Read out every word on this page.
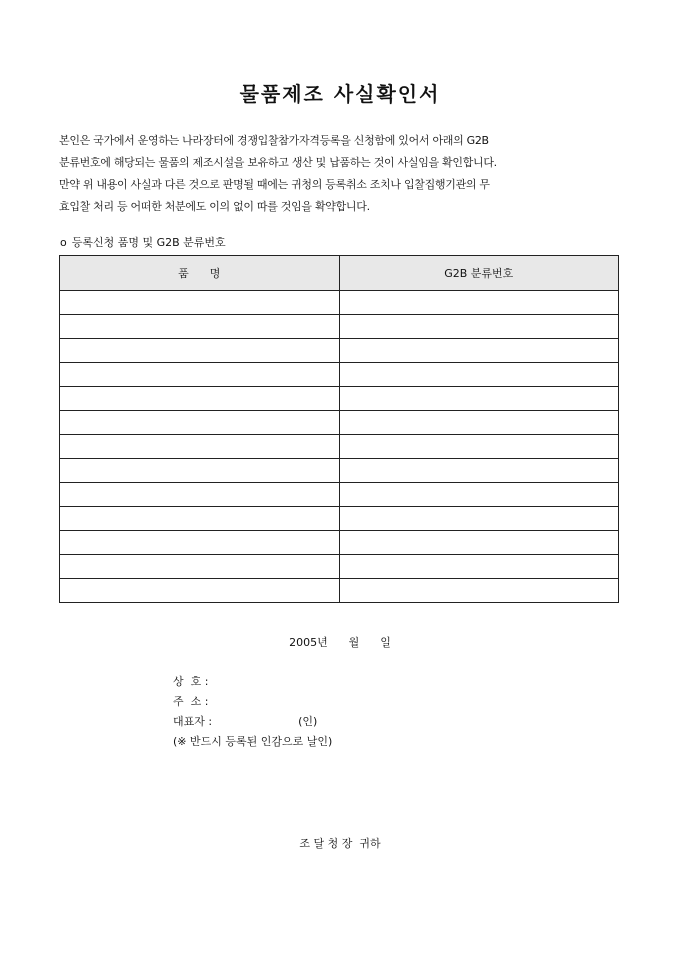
물품제조 사실확인서

본인은 국가에서 운영하는 나라장터에 경쟁입찰참가자격등록을 신청함에 있어서 아래의 G2B

분류번호에 해당되는 물품의 제조시설을 보유하고 생산 및 납품하는 것이 사실임을 확인합니다.

만약 위 내용이 사실과 다른 것으로 판명될 때에는 귀청의 등록취소 조치나 입찰집행기관의 무

효입찰 처리 등 어떠한 처분에도 이의 없이 따를 것임을 확약합니다.

o 등록신청 품명 및 G2B 분류번호
품      명	G2B 분류번호

2005년      월      일
상  호 :
주  소 :
대표자 :	(인)
(※ 반드시 등록된 인감으로 날인)
조 달 청 장  귀하
